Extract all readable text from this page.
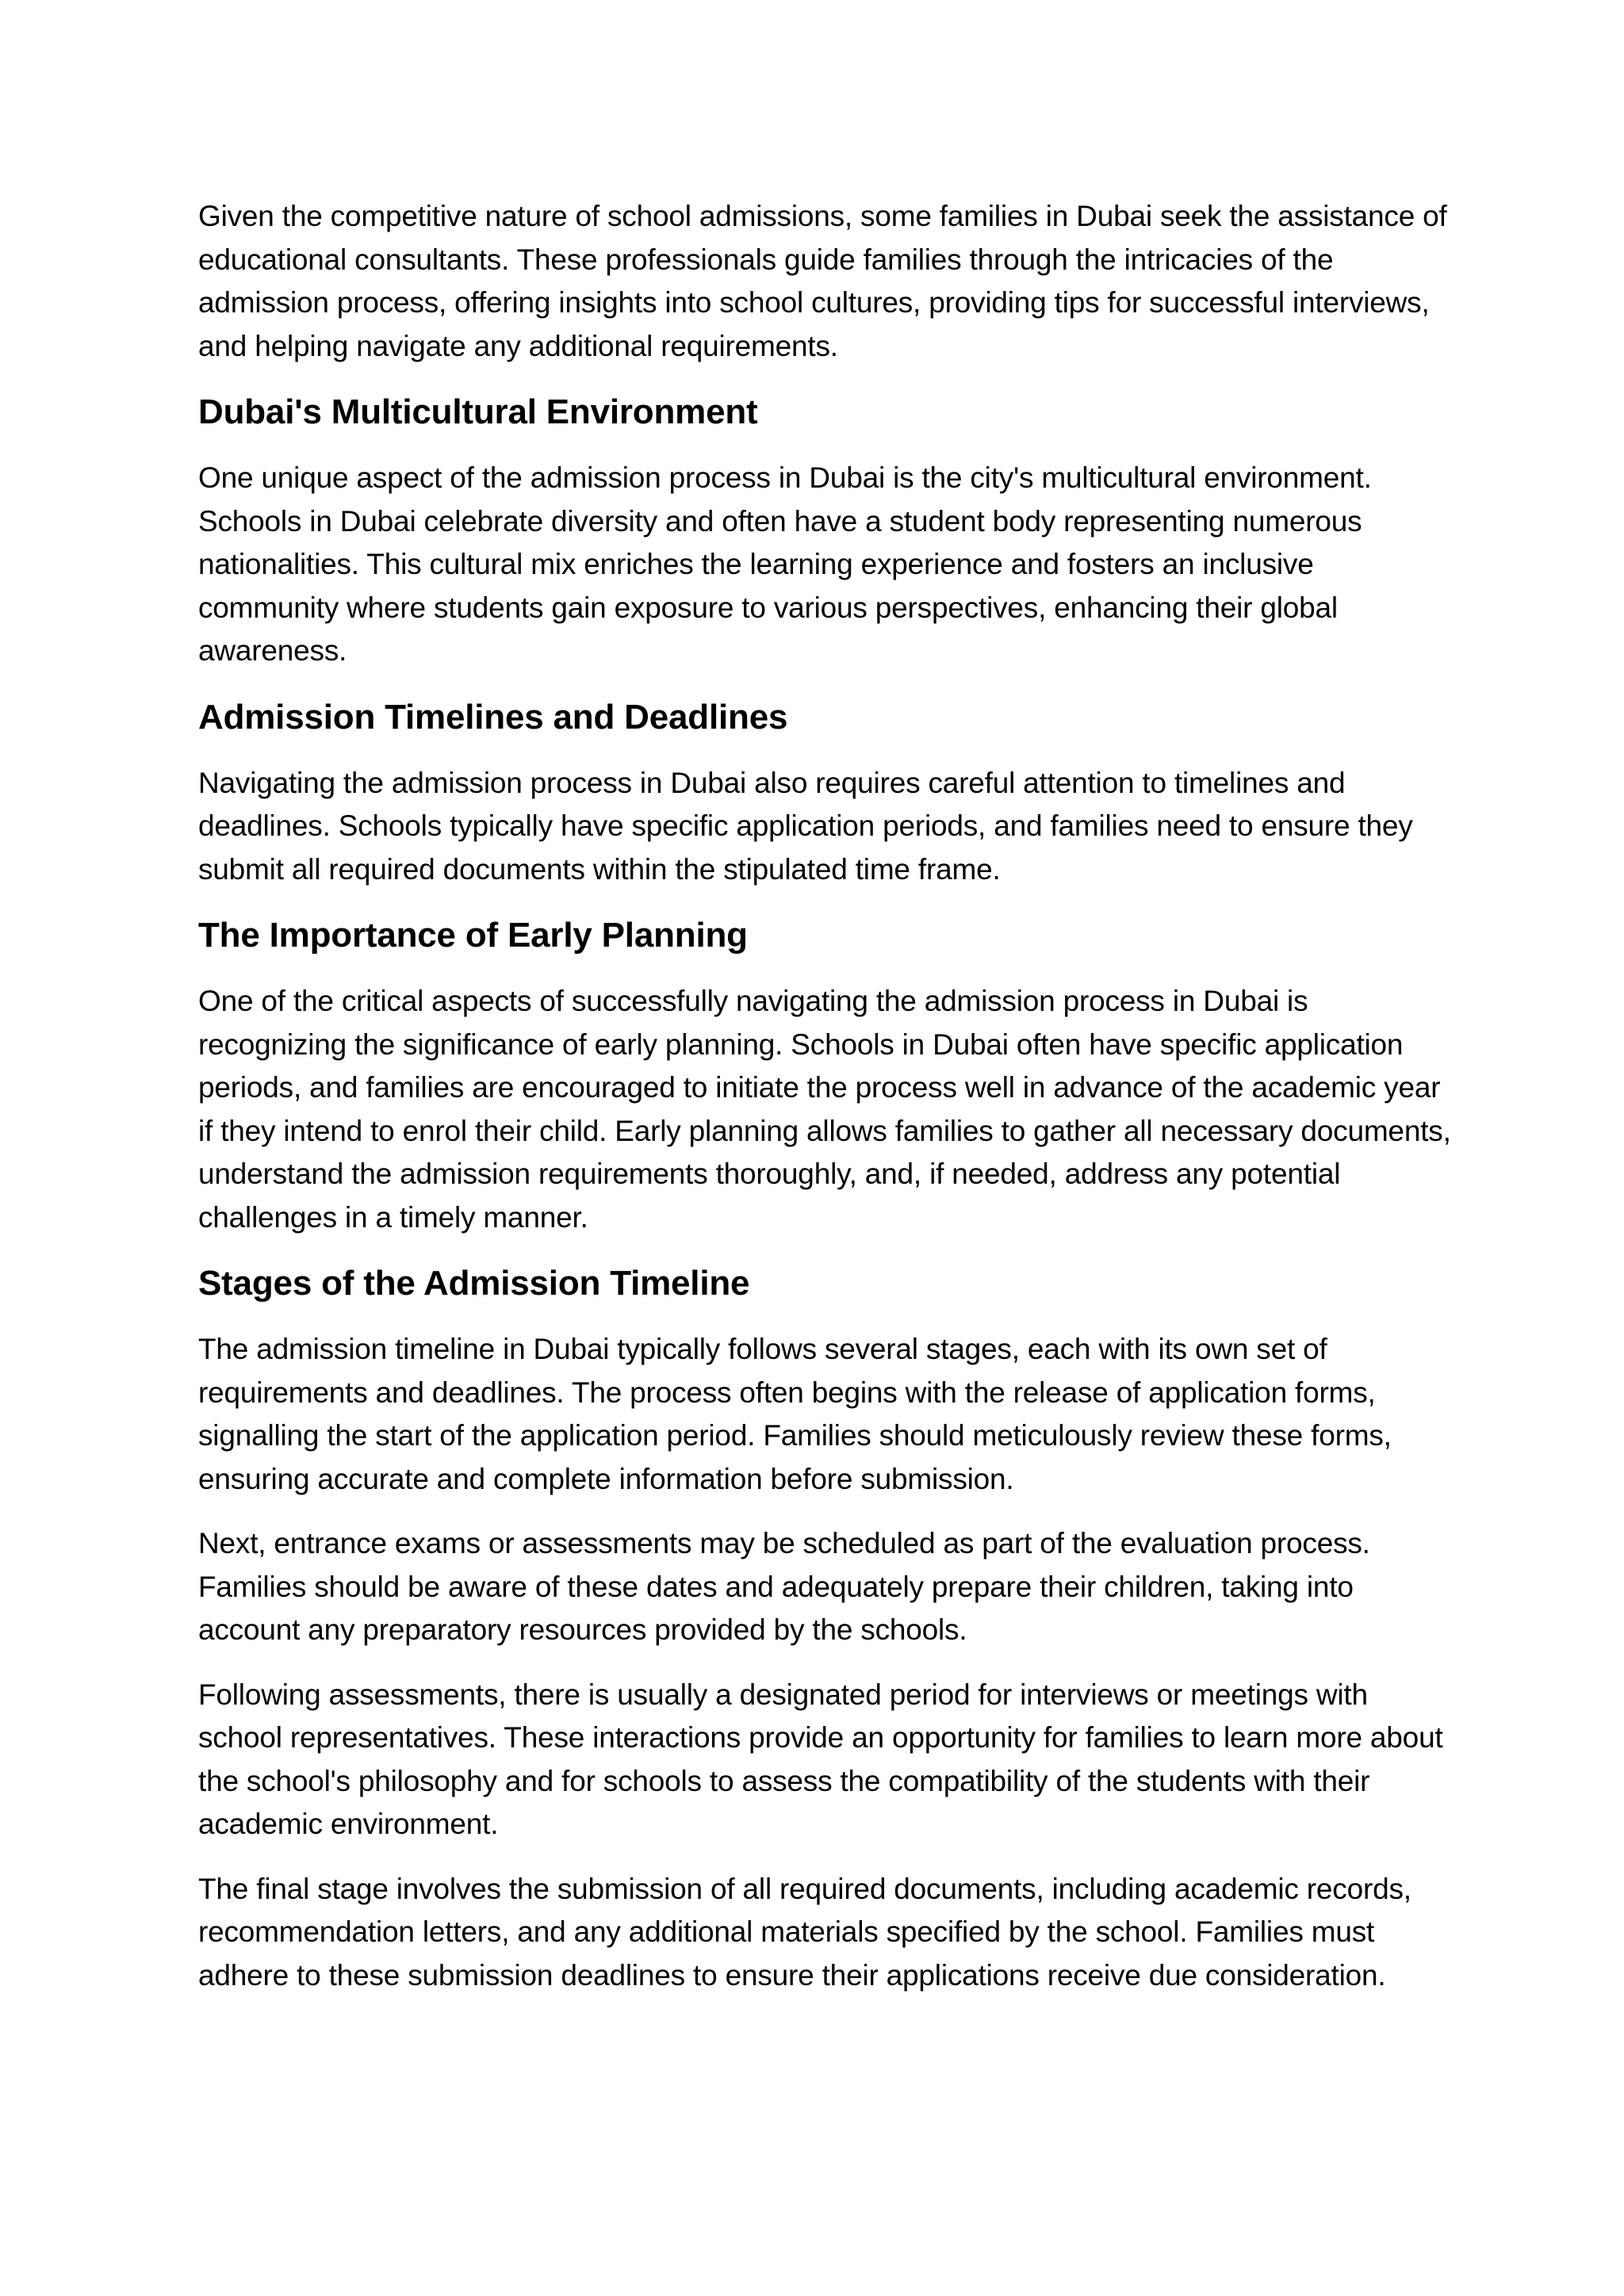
Given the competitive nature of school admissions, some families in Dubai seek the assistance of educational consultants. These professionals guide families through the intricacies of the admission process, offering insights into school cultures, providing tips for successful interviews, and helping navigate any additional requirements.

Dubai's Multicultural Environment

One unique aspect of the admission process in Dubai is the city's multicultural environment. Schools in Dubai celebrate diversity and often have a student body representing numerous nationalities. This cultural mix enriches the learning experience and fosters an inclusive community where students gain exposure to various perspectives, enhancing their global awareness.

Admission Timelines and Deadlines

Navigating the admission process in Dubai also requires careful attention to timelines and deadlines. Schools typically have specific application periods, and families need to ensure they submit all required documents within the stipulated time frame.

The Importance of Early Planning

One of the critical aspects of successfully navigating the admission process in Dubai is recognizing the significance of early planning. Schools in Dubai often have specific application periods, and families are encouraged to initiate the process well in advance of the academic year if they intend to enrol their child. Early planning allows families to gather all necessary documents, understand the admission requirements thoroughly, and, if needed, address any potential challenges in a timely manner.

Stages of the Admission Timeline

The admission timeline in Dubai typically follows several stages, each with its own set of requirements and deadlines. The process often begins with the release of application forms, signalling the start of the application period. Families should meticulously review these forms, ensuring accurate and complete information before submission.

Next, entrance exams or assessments may be scheduled as part of the evaluation process. Families should be aware of these dates and adequately prepare their children, taking into account any preparatory resources provided by the schools.

Following assessments, there is usually a designated period for interviews or meetings with school representatives. These interactions provide an opportunity for families to learn more about the school's philosophy and for schools to assess the compatibility of the students with their academic environment.

The final stage involves the submission of all required documents, including academic records, recommendation letters, and any additional materials specified by the school. Families must adhere to these submission deadlines to ensure their applications receive due consideration.
